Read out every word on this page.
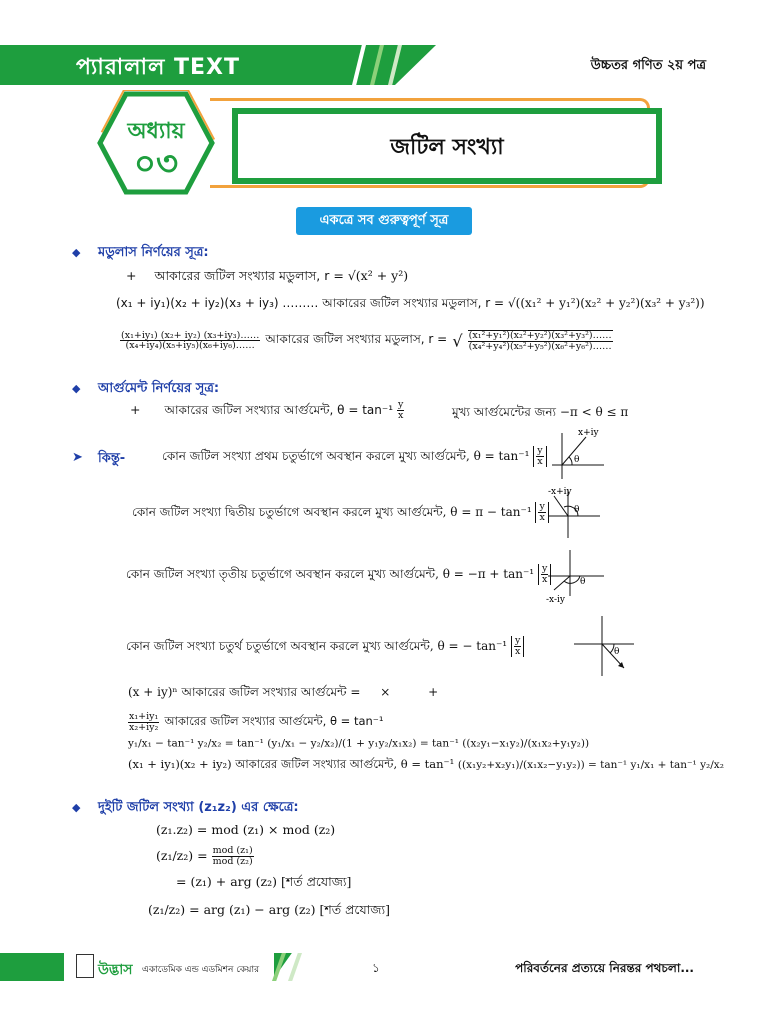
প্যারালাল TEXT	উচ্চতর গণিত ২য় পত্র
অধ্যায়
০৩	জটিল সংখ্যা
একত্রে সব গুরুত্বপূর্ণ সূত্র
◆ মডুলাস নির্ণয়ের সূত্র:
+ আকারের জটিল সংখ্যার মডুলাস, r = √(x² + y²)
(x₁ + iy₁)(x₂ + iy₂)(x₃ + iy₃) ……… আকারের জটিল সংখ্যার মডুলাস, r = √((x₁² + y₁²)(x₂² + y₂²)(x₃² + y₃²))
$\frac{\text{(x₁+iy₁) (x₂+ iy₂) (x₃+iy₃)……}}{\text{(x₄+iy₄)(x₅+iy₅)(x₆+iy₆)……}}$ আকারের জটিল সংখ্যার মডুলাস, r = √ $\frac{\text{(x₁²+y₁²)(x₂²+y₂²)(x₃²+y₃²)……}}{\text{(x₄²+y₄²)(x₅²+y₅²)(x₆²+y₆²)……}}$
◆ আর্গুমেন্ট নির্ণয়ের সূত্র:
+ আকারের জটিল সংখ্যার আর্গুমেন্ট, $\theta = \tan^{-1} \frac{y}{x}$	মুখ্য আর্গুমেন্টের জন্য −π < θ ≤ π
➤ কিন্তু-	কোন জটিল সংখ্যা প্রথম চতুর্ভাগে অবস্থান করলে মুখ্য আর্গুমেন্ট, $\theta = \tan^{-1} \frac{y}{x}$
কোন জটিল সংখ্যা দ্বিতীয় চতুর্ভাগে অবস্থান করলে মুখ্য আর্গুমেন্ট, $\theta = \pi - \tan^{-1} \frac{y}{x}$
কোন জটিল সংখ্যা তৃতীয় চতুর্ভাগে অবস্থান করলে মুখ্য আর্গুমেন্ট, $\theta = -\pi + \tan^{-1} \frac{y}{x}$
কোন জটিল সংখ্যা চতুর্থ চতুর্ভাগে অবস্থান করলে মুখ্য আর্গুমেন্ট, θ = − $\tan^{-1} \frac{y}{x}$
θ
x+iy
θ
-x+iy
θ
-x-iy
θ
(x + iy)ⁿ আকারের জটিল সংখ্যার আর্গুমেন্ট = ×	+
$\frac{\text{x₁+iy₁}}{\text{x₂+iy₂}}$ আকারের জটিল সংখ্যার আর্গুমেন্ট, θ = tan⁻¹ y₁/x₁ − tan⁻¹ y₂/x₂ = tan⁻¹ (y₁/x₁ − y₂/x₂)/(1 + y₁y₂/x₁x₂) = tan⁻¹ ((x₂y₁−x₁y₂)/(x₁x₂+y₁y₂))
(x₁ + iy₁)(x₂ + iy₂) আকারের জটিল সংখ্যার আর্গুমেন্ট, θ = tan⁻¹ ((x₁y₂+x₂y₁)/(x₁x₂−y₁y₂)) = tan⁻¹ y₁/x₁ + tan⁻¹ y₂/x₂
◆ দুইটি জটিল সংখ্যা (z₁z₂) এর ক্ষেত্রে:
(z₁.z₂) = mod (z₁) × mod (z₂)
$(z_1/z_2) = \frac{\text{mod (z₁)}}{\text{mod (z₂)}}$
= (z₁) + arg (z₂) [শর্ত প্রযোজ্য]
(z₁/z₂) = arg (z₁) − arg (z₂) [শর্ত প্রযোজ্য]
উদ্ভাস একাডেমিক এন্ড এডমিশন কেয়ার	১	পরিবর্তনের প্রত্যয়ে নিরন্তর পথচলা...
